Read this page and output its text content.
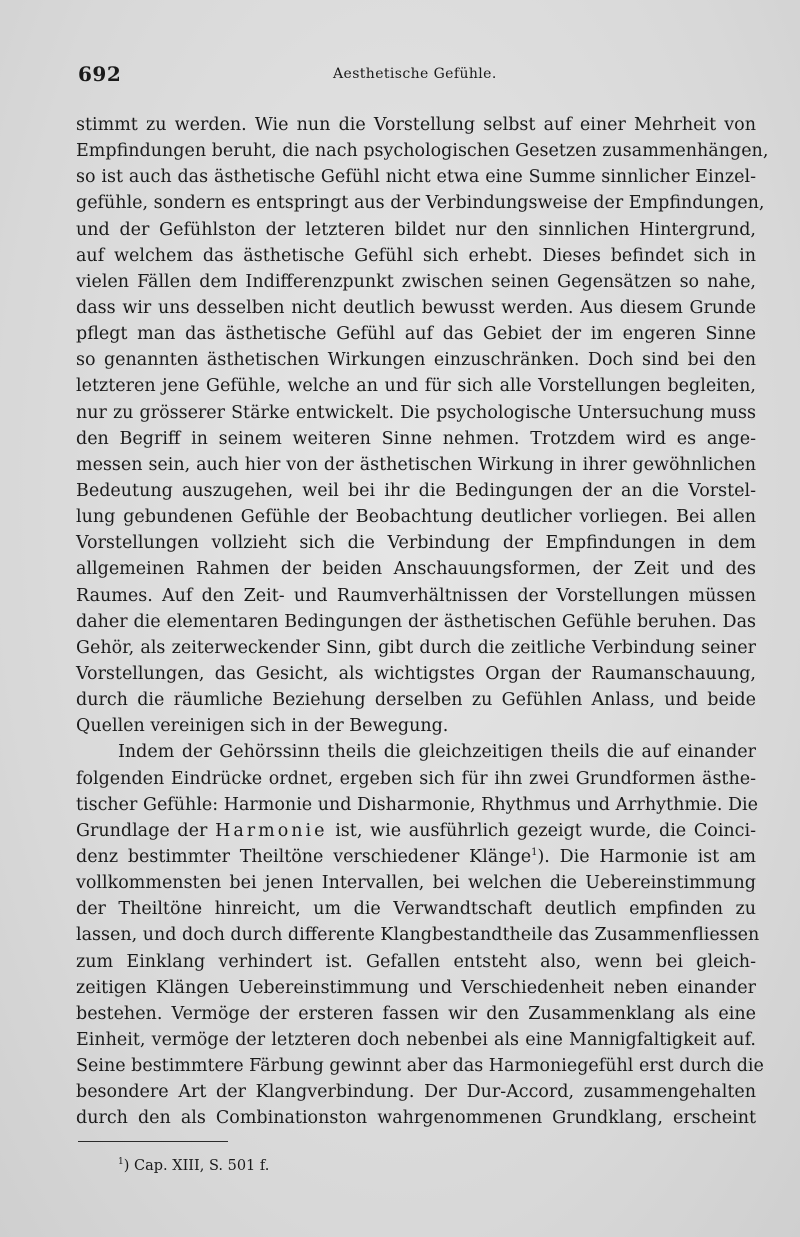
692	Aesthetische Gefühle.
stimmt zu werden. Wie nun die Vorstellung selbst auf einer Mehrheit von
Empfindungen beruht, die nach psychologischen Gesetzen zusammenhängen,
so ist auch das ästhetische Gefühl nicht etwa eine Summe sinnlicher Einzel-
gefühle, sondern es entspringt aus der Verbindungsweise der Empfindungen,
und der Gefühlston der letzteren bildet nur den sinnlichen Hintergrund,
auf welchem das ästhetische Gefühl sich erhebt. Dieses befindet sich in
vielen Fällen dem Indifferenzpunkt zwischen seinen Gegensätzen so nahe,
dass wir uns desselben nicht deutlich bewusst werden. Aus diesem Grunde
pflegt man das ästhetische Gefühl auf das Gebiet der im engeren Sinne
so genannten ästhetischen Wirkungen einzuschränken. Doch sind bei den
letzteren jene Gefühle, welche an und für sich alle Vorstellungen begleiten,
nur zu grösserer Stärke entwickelt. Die psychologische Untersuchung muss
den Begriff in seinem weiteren Sinne nehmen. Trotzdem wird es ange-
messen sein, auch hier von der ästhetischen Wirkung in ihrer gewöhnlichen
Bedeutung auszugehen, weil bei ihr die Bedingungen der an die Vorstel-
lung gebundenen Gefühle der Beobachtung deutlicher vorliegen. Bei allen
Vorstellungen vollzieht sich die Verbindung der Empfindungen in dem
allgemeinen Rahmen der beiden Anschauungsformen, der Zeit und des
Raumes. Auf den Zeit- und Raumverhältnissen der Vorstellungen müssen
daher die elementaren Bedingungen der ästhetischen Gefühle beruhen. Das
Gehör, als zeiterweckender Sinn, gibt durch die zeitliche Verbindung seiner
Vorstellungen, das Gesicht, als wichtigstes Organ der Raumanschauung,
durch die räumliche Beziehung derselben zu Gefühlen Anlass, und beide
Quellen vereinigen sich in der Bewegung.
Indem der Gehörssinn theils die gleichzeitigen theils die auf einander
folgenden Eindrücke ordnet, ergeben sich für ihn zwei Grundformen ästhe-
tischer Gefühle: Harmonie und Disharmonie, Rhythmus und Arrhythmie. Die
Grundlage der Harmonie ist, wie ausführlich gezeigt wurde, die Coinci-
denz bestimmter Theiltöne verschiedener Klänge$^1$). Die Harmonie ist am
vollkommensten bei jenen Intervallen, bei welchen die Uebereinstimmung
der Theiltöne hinreicht, um die Verwandtschaft deutlich empfinden zu
lassen, und doch durch differente Klangbestandtheile das Zusammenfliessen
zum Einklang verhindert ist. Gefallen entsteht also, wenn bei gleich-
zeitigen Klängen Uebereinstimmung und Verschiedenheit neben einander
bestehen. Vermöge der ersteren fassen wir den Zusammenklang als eine
Einheit, vermöge der letzteren doch nebenbei als eine Mannigfaltigkeit auf.
Seine bestimmtere Färbung gewinnt aber das Harmoniegefühl erst durch die
besondere Art der Klangverbindung. Der Dur-Accord, zusammengehalten
durch den als Combinationston wahrgenommenen Grundklang, erscheint
$^1$) Cap. XIII, S. 501 f.
